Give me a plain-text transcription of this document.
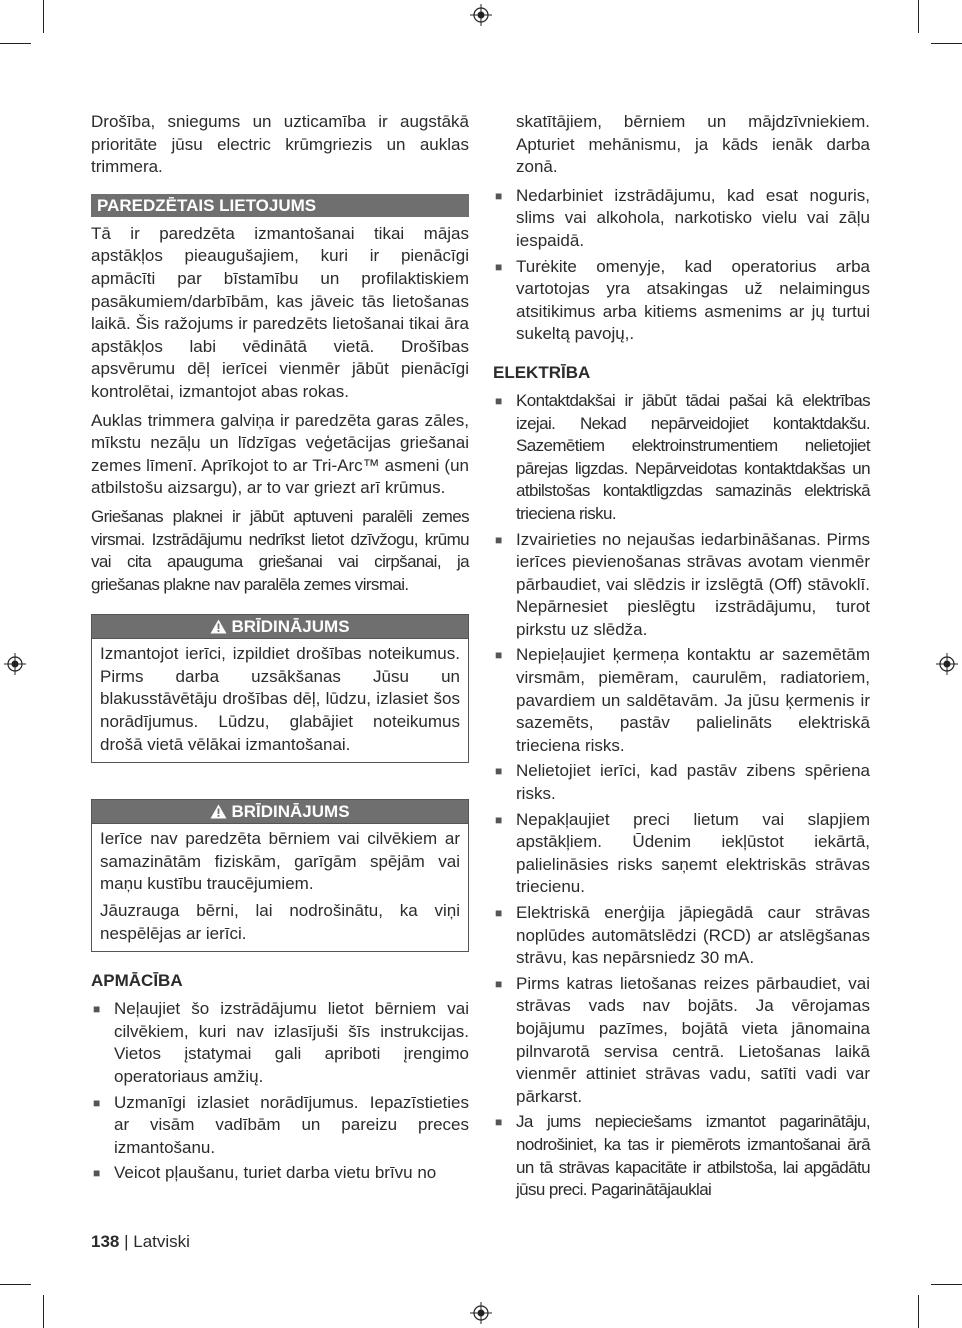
Drošība, sniegums un uzticamība ir augstākā prioritāte jūsu electric krūmgriezis un auklas trimmera.

PAREDZĒTAIS LIETOJUMS

Tā ir paredzēta izmantošanai tikai mājas apstākļos pieaugušajiem, kuri ir pienācīgi apmācīti par bīstamību un profilaktiskiem pasākumiem/darbībām, kas jāveic tās lietošanas laikā. Šis ražojums ir paredzēts lietošanai tikai āra apstākļos labi vēdinātā vietā. Drošības apsvērumu dēļ ierīcei vienmēr jābūt pienācīgi kontrolētai, izmantojot abas rokas.

Auklas trimmera galviņa ir paredzēta garas zāles, mīkstu nezāļu un līdzīgas veģetācijas griešanai zemes līmenī. Aprīkojot to ar Tri-Arc™ asmeni (un atbilstošu aizsargu), ar to var griezt arī krūmus.

Griešanas plaknei ir jābūt aptuveni paralēli zemes virsmai. Izstrādājumu nedrīkst lietot dzīvžogu, krūmu vai cita apauguma griešanai vai cirpšanai, ja griešanas plakne nav paralēla zemes virsmai.

BRĪDINĀJUMS

Izmantojot ierīci, izpildiet drošības noteikumus. Pirms darba uzsākšanas Jūsu un blakusstāvētāju drošības dēļ, lūdzu, izlasiet šos norādījumus. Lūdzu, glabājiet noteikumus drošā vietā vēlākai izmantošanai.

BRĪDINĀJUMS

Ierīce nav paredzēta bērniem vai cilvēkiem ar samazinātām fiziskām, garīgām spējām vai maņu kustību traucējumiem.

Jāuzrauga bērni, lai nodrošinātu, ka viņi nespēlējas ar ierīci.

APMĀCĪBA
■ Neļaujiet šo izstrādājumu lietot bērniem vai cilvēkiem, kuri nav izlasījuši šīs instrukcijas. Vietos įstatymai gali apriboti įrengimo operatoriaus amžių.
■ Uzmanīgi izlasiet norādījumus. Iepazīstieties ar visām vadībām un pareizu preces izmantošanu.
■ Veicot pļaušanu, turiet darba vietu brīvu no

skatītājiem, bērniem un mājdzīvniekiem. Apturiet mehānismu, ja kāds ienāk darba zonā.

■ Nedarbiniet izstrādājumu, kad esat noguris, slims vai alkohola, narkotisko vielu vai zāļu iespaidā.
■ Turėkite omenyje, kad operatorius arba vartotojas yra atsakingas už nelaimingus atsitikimus arba kitiems asmenims ar jų turtui sukeltą pavojų,.
ELEKTRĪBA
■ Kontaktdakšai ir jābūt tādai pašai kā elektrības izejai. Nekad nepārveidojiet kontaktdakšu. Sazemētiem elektroinstrumentiem nelietojiet pārejas ligzdas. Nepārveidotas kontaktdakšas un atbilstošas kontaktligzdas samazinās elektriskā trieciena risku.
■ Izvairieties no nejaušas iedarbināšanas. Pirms ierīces pievienošanas strāvas avotam vienmēr pārbaudiet, vai slēdzis ir izslēgtā (Off) stāvoklī. Nepārnesiet pieslēgtu izstrādājumu, turot pirkstu uz slēdža.
■ Nepieļaujiet ķermeņa kontaktu ar sazemētām virsmām, piemēram, caurulēm, radiatoriem, pavardiem un saldētavām. Ja jūsu ķermenis ir sazemēts, pastāv palielināts elektriskā trieciena risks.
■ Nelietojiet ierīci, kad pastāv zibens spēriena risks.
■ Nepakļaujiet preci lietum vai slapjiem apstākļiem. Ūdenim iekļūstot iekārtā, palielināsies risks saņemt elektriskās strāvas triecienu.
■ Elektriskā enerģija jāpiegādā caur strāvas noplūdes automātslēdzi (RCD) ar atslēgšanas strāvu, kas nepārsniedz 30 mA.
■ Pirms katras lietošanas reizes pārbaudiet, vai strāvas vads nav bojāts. Ja vērojamas bojājumu pazīmes, bojātā vieta jānomaina pilnvarotā servisa centrā. Lietošanas laikā vienmēr attiniet strāvas vadu, satīti vadi var pārkarst.
■ Ja jums nepieciešams izmantot pagarinātāju, nodrošiniet, ka tas ir piemērots izmantošanai ārā un tā strāvas kapacitāte ir atbilstoša, lai apgādātu jūsu preci. Pagarinātājauklai
138 | Latviski
